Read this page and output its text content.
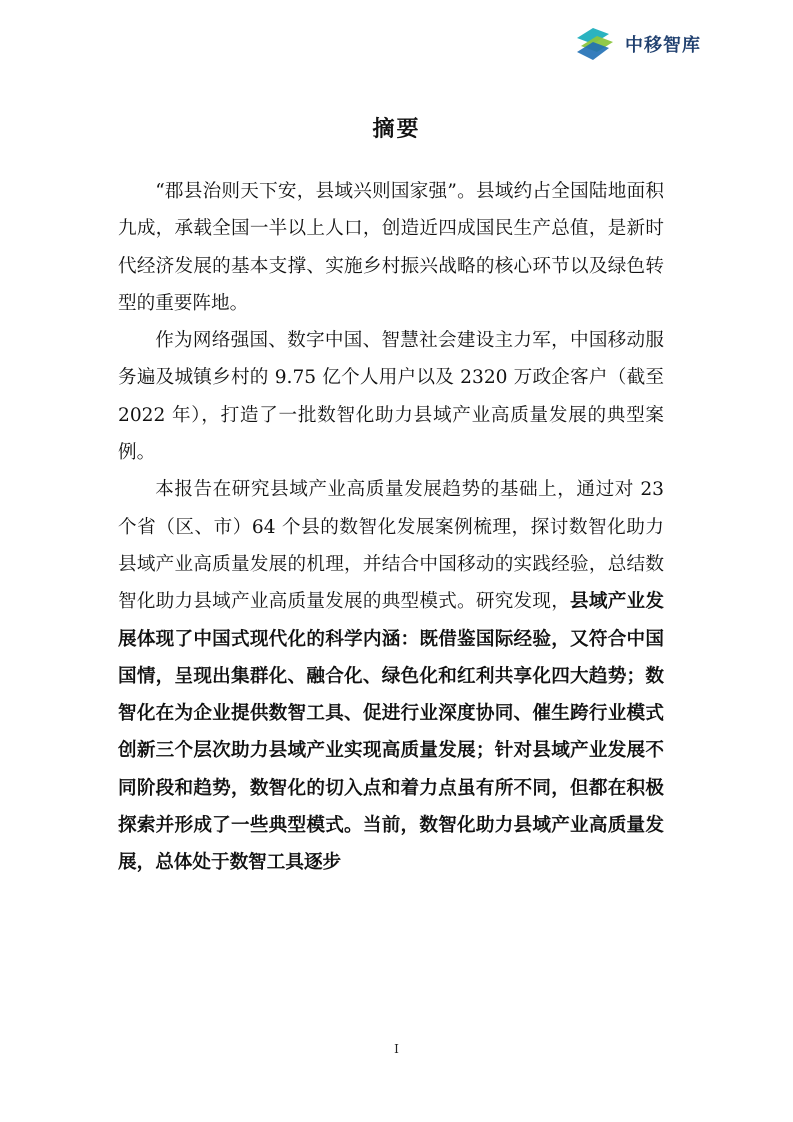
中移智库
摘要

“郡县治则天下安，县域兴则国家强”。县域约占全国陆地面积九成，承载全国一半以上人口，创造近四成国民生产总值，是新时代经济发展的基本支撑、实施乡村振兴战略的核心环节以及绿色转型的重要阵地。

作为网络强国、数字中国、智慧社会建设主力军，中国移动服务遍及城镇乡村的 9.75 亿个人用户以及 2320 万政企客户（截至 2022 年），打造了一批数智化助力县域产业高质量发展的典型案例。

本报告在研究县域产业高质量发展趋势的基础上，通过对 23 个省（区、市）64 个县的数智化发展案例梳理，探讨数智化助力县域产业高质量发展的机理，并结合中国移动的实践经验，总结数智化助力县域产业高质量发展的典型模式。研究发现，县域产业发展体现了中国式现代化的科学内涵：既借鉴国际经验，又符合中国国情，呈现出集群化、融合化、绿色化和红利共享化四大趋势；数智化在为企业提供数智工具、促进行业深度协同、催生跨行业模式创新三个层次助力县域产业实现高质量发展；针对县域产业发展不同阶段和趋势，数智化的切入点和着力点虽有所不同，但都在积极探索并形成了一些典型模式。当前，数智化助力县域产业高质量发展，总体处于数智工具逐步

I
